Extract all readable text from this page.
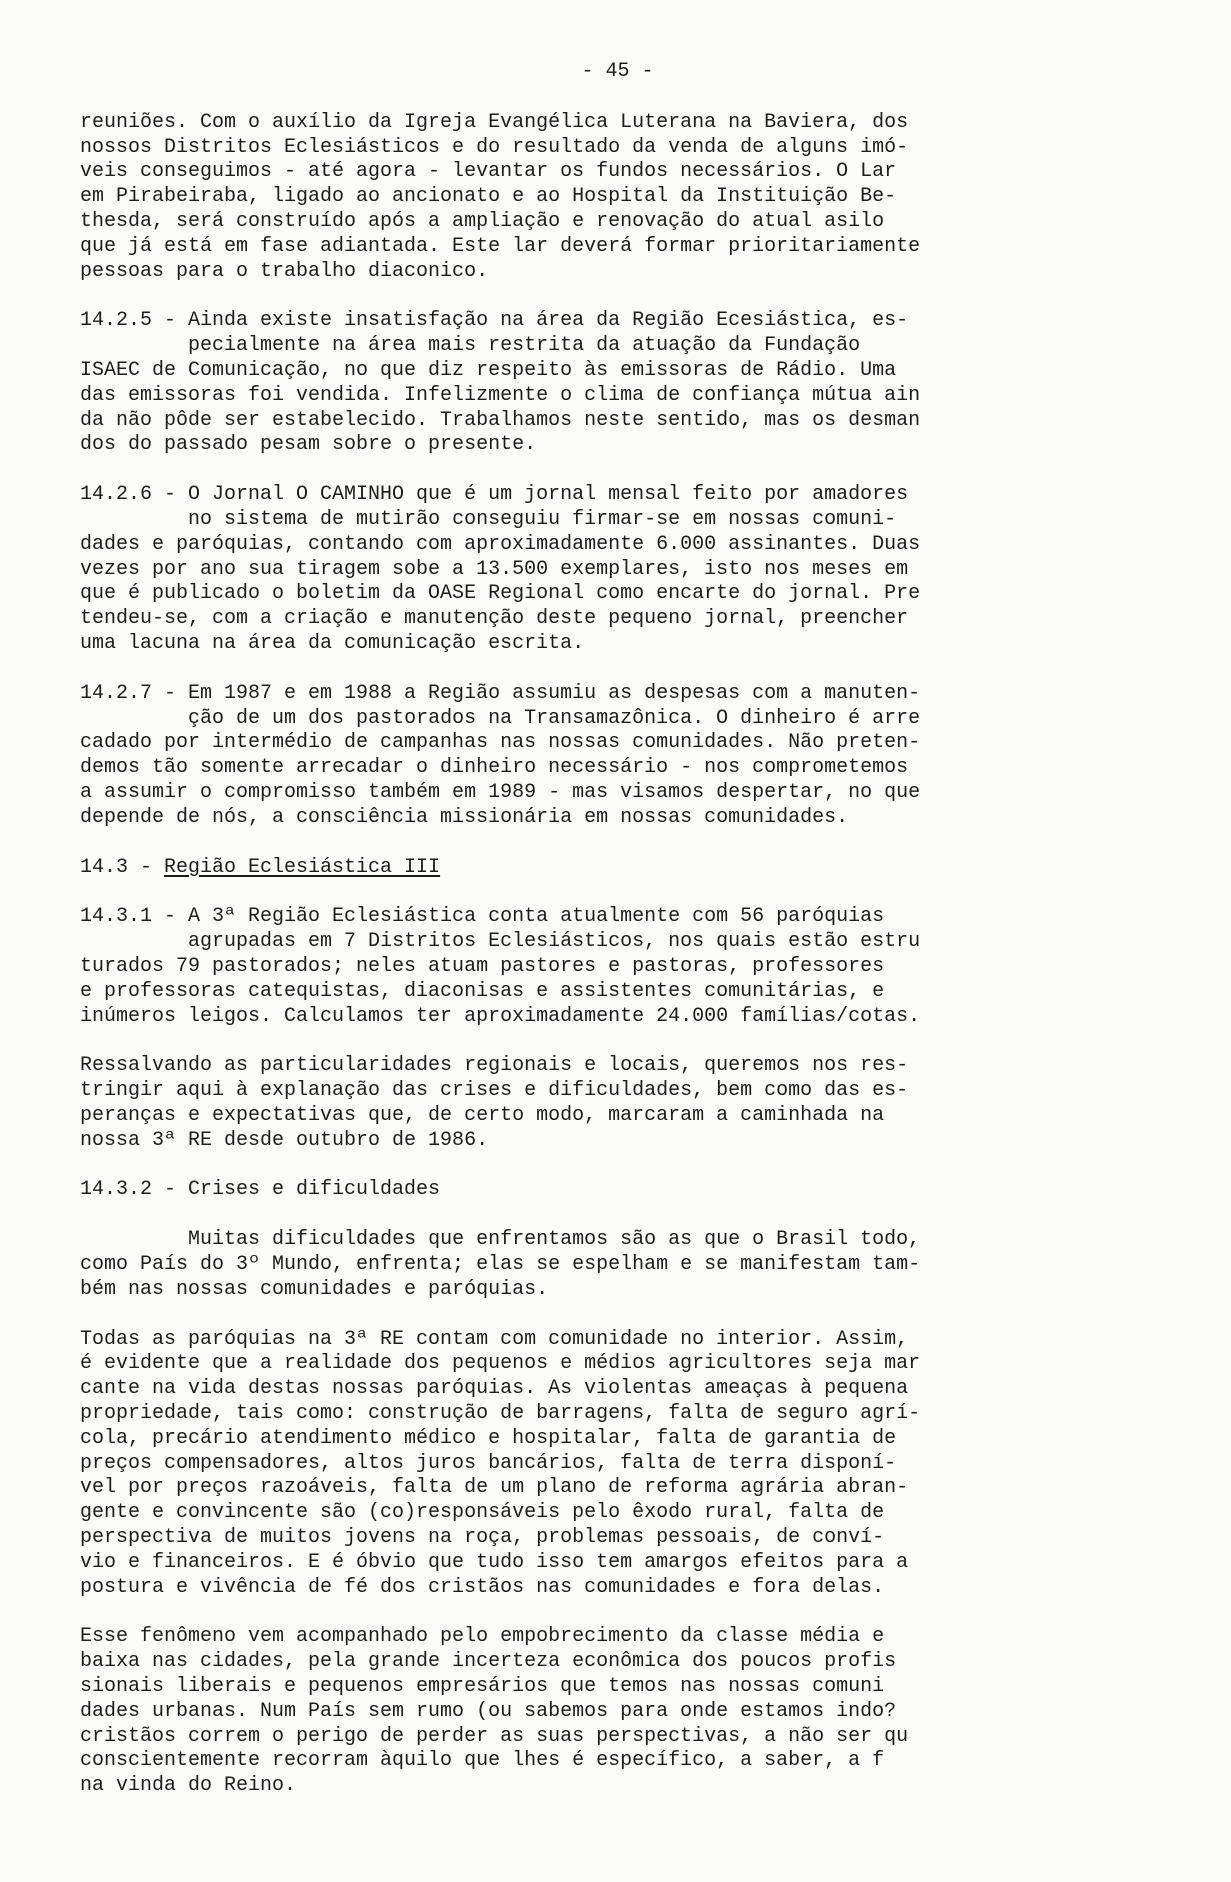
- 45 -

reuniões. Com o auxílio da Igreja Evangélica Luterana na Baviera, dos
nossos Distritos Eclesiásticos e do resultado da venda de alguns imó-
veis conseguimos - até agora - levantar os fundos necessários. O Lar
em Pirabeiraba, ligado ao ancionato e ao Hospital da Instituição Be-
thesda, será construído após a ampliação e renovação do atual asilo
que já está em fase adiantada. Este lar deverá formar prioritariamente
pessoas para o trabalho diaconico.

14.2.5 - Ainda existe insatisfação na área da Região Ecesiástica, es-
pecialmente na área mais restrita da atuação da Fundação
ISAEC de Comunicação, no que diz respeito às emissoras de Rádio. Uma
das emissoras foi vendida. Infelizmente o clima de confiança mútua ain
da não pôde ser estabelecido. Trabalhamos neste sentido, mas os desman
dos do passado pesam sobre o presente.

14.2.6 - O Jornal O CAMINHO que é um jornal mensal feito por amadores
no sistema de mutirão conseguiu firmar-se em nossas comuni-
dades e paróquias, contando com aproximadamente 6.000 assinantes. Duas
vezes por ano sua tiragem sobe a 13.500 exemplares, isto nos meses em
que é publicado o boletim da OASE Regional como encarte do jornal. Pre
tendeu-se, com a criação e manutenção deste pequeno jornal, preencher
uma lacuna na área da comunicação escrita.

14.2.7 - Em 1987 e em 1988 a Região assumiu as despesas com a manuten-
ção de um dos pastorados na Transamazônica. O dinheiro é arre
cadado por intermédio de campanhas nas nossas comunidades. Não preten-
demos tão somente arrecadar o dinheiro necessário - nos comprometemos
a assumir o compromisso também em 1989 - mas visamos despertar, no que
depende de nós, a consciência missionária em nossas comunidades.

14.3 - Região Eclesiástica III

14.3.1 - A 3ª Região Eclesiástica conta atualmente com 56 paróquias
agrupadas em 7 Distritos Eclesiásticos, nos quais estão estru
turados 79 pastorados; neles atuam pastores e pastoras, professores
e professoras catequistas, diaconisas e assistentes comunitárias, e
inúmeros leigos. Calculamos ter aproximadamente 24.000 famílias/cotas.

Ressalvando as particularidades regionais e locais, queremos nos res-
tringir aqui à explanação das crises e dificuldades, bem como das es-
peranças e expectativas que, de certo modo, marcaram a caminhada na
nossa 3ª RE desde outubro de 1986.

14.3.2 - Crises e dificuldades

Muitas dificuldades que enfrentamos são as que o Brasil todo,
como País do 3º Mundo, enfrenta; elas se espelham e se manifestam tam-
bém nas nossas comunidades e paróquias.

Todas as paróquias na 3ª RE contam com comunidade no interior. Assim,
é evidente que a realidade dos pequenos e médios agricultores seja mar
cante na vida destas nossas paróquias. As violentas ameaças à pequena
propriedade, tais como: construção de barragens, falta de seguro agrí-
cola, precário atendimento médico e hospitalar, falta de garantia de
preços compensadores, altos juros bancários, falta de terra disponí-
vel por preços razoáveis, falta de um plano de reforma agrária abran-
gente e convincente são (co)responsáveis pelo êxodo rural, falta de
perspectiva de muitos jovens na roça, problemas pessoais, de conví-
vio e financeiros. E é óbvio que tudo isso tem amargos efeitos para a
postura e vivência de fé dos cristãos nas comunidades e fora delas.

Esse fenômeno vem acompanhado pelo empobrecimento da classe média e
baixa nas cidades, pela grande incerteza econômica dos poucos profis
sionais liberais e pequenos empresários que temos nas nossas comuni
dades urbanas. Num País sem rumo (ou sabemos para onde estamos indo?
cristãos correm o perigo de perder as suas perspectivas, a não ser qu
conscientemente recorram àquilo que lhes é específico, a saber, a f
na vinda do Reino.
